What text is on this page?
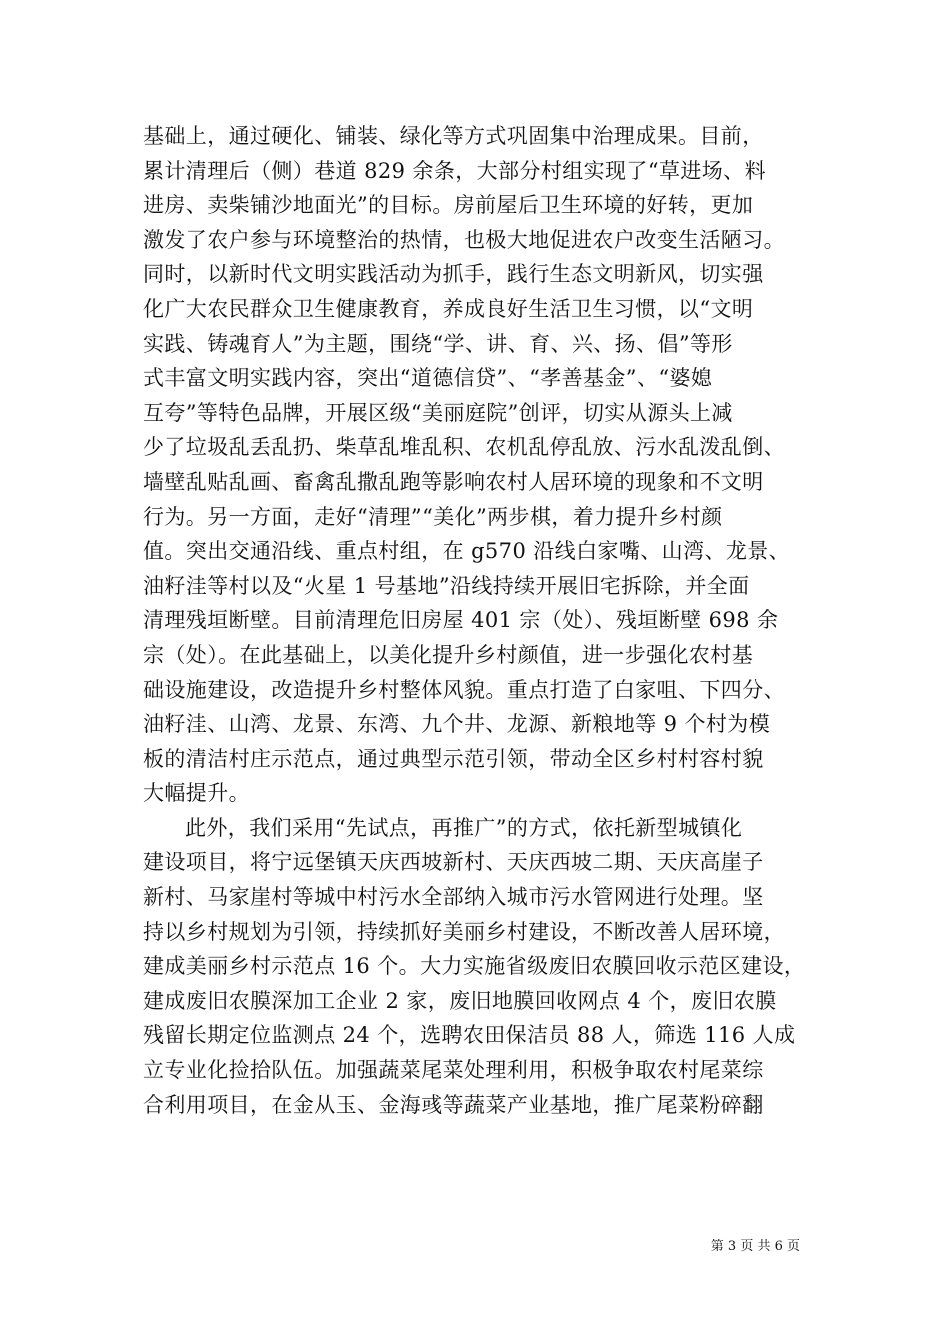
基础上，通过硬化、铺装、绿化等方式巩固集中治理成果。目前，
累计清理后（侧）巷道 829 余条，大部分村组实现了“草进场、料
进房、卖柴铺沙地面光”的目标。房前屋后卫生环境的好转，更加
激发了农户参与环境整治的热情，也极大地促进农户改变生活陋习。
同时，以新时代文明实践活动为抓手，践行生态文明新风，切实强
化广大农民群众卫生健康教育，养成良好生活卫生习惯，以“文明
实践、铸魂育人”为主题，围绕“学、讲、育、兴、扬、倡”等形
式丰富文明实践内容，突出“道德信贷”、“孝善基金”、“婆媳
互夸”等特色品牌，开展区级“美丽庭院”创评，切实从源头上减
少了垃圾乱丢乱扔、柴草乱堆乱积、农机乱停乱放、污水乱泼乱倒、
墙壁乱贴乱画、畜禽乱撒乱跑等影响农村人居环境的现象和不文明
行为。另一方面，走好“清理”“美化”两步棋，着力提升乡村颜
值。突出交通沿线、重点村组，在 g570 沿线白家嘴、山湾、龙景、
油籽洼等村以及“火星 1 号基地”沿线持续开展旧宅拆除，并全面
清理残垣断壁。目前清理危旧房屋 401 宗（处）、残垣断壁 698 余
宗（处）。在此基础上，以美化提升乡村颜值，进一步强化农村基
础设施建设，改造提升乡村整体风貌。重点打造了白家咀、下四分、
油籽洼、山湾、龙景、东湾、九个井、龙源、新粮地等 9 个村为模
板的清洁村庄示范点，通过典型示范引领，带动全区乡村村容村貌
大幅提升。
此外，我们采用“先试点，再推广”的方式，依托新型城镇化
建设项目，将宁远堡镇天庆西坡新村、天庆西坡二期、天庆高崖子
新村、马家崖村等城中村污水全部纳入城市污水管网进行处理。坚
持以乡村规划为引领，持续抓好美丽乡村建设，不断改善人居环境，
建成美丽乡村示范点 16 个。大力实施省级废旧农膜回收示范区建设，
建成废旧农膜深加工企业 2 家，废旧地膜回收网点 4 个，废旧农膜
残留长期定位监测点 24 个，选聘农田保洁员 88 人，筛选 116 人成
立专业化捡拾队伍。加强蔬菜尾菜处理利用，积极争取农村尾菜综
合利用项目，在金从玉、金海彧等蔬菜产业基地，推广尾菜粉碎翻
第 3 页 共 6 页
